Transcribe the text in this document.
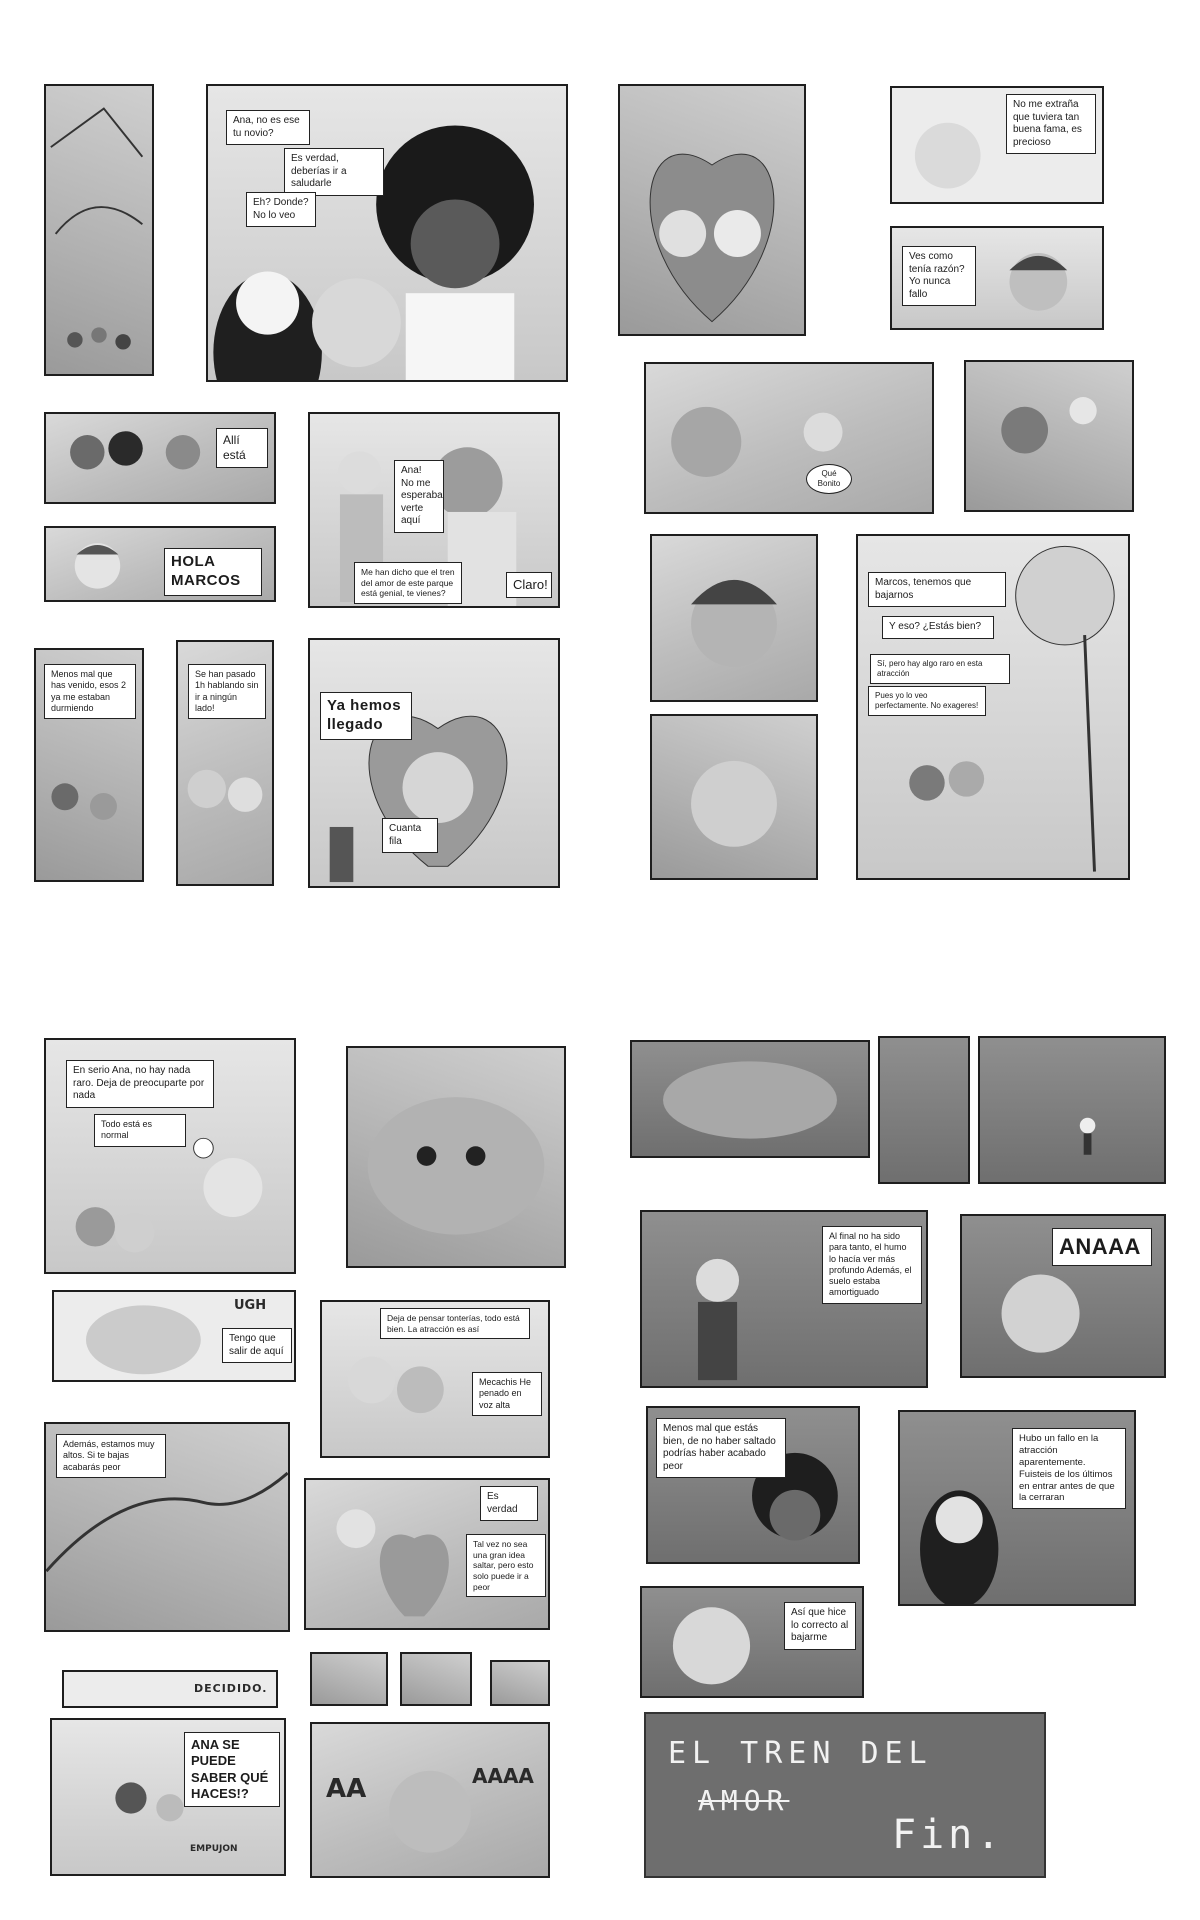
Ana, no es ese tu novio?
Es verdad, deberías ir a saludarle
Eh? Donde? No lo veo
Allí está
HOLA MARCOS
Ana! No me esperaba verte aquí
Me han dicho que el tren del amor de este parque está genial, te vienes?
Claro!
Menos mal que has venido, esos 2 ya me estaban durmiendo
Se han pasado 1h hablando sin ir a ningún lado!	Ya hemos llegado
Cuanta fila
No me extraña que tuviera tan buena fama, es precioso
Ves como tenía razón? Yo nunca fallo
Qué Bonito
Marcos, tenemos que bajarnos
Y eso? ¿Estás bien?
Sí, pero hay algo raro en esta atracción
Pues yo lo veo perfectamente. No exageres!
En serio Ana, no hay nada raro. Deja de preocuparte por nada
Todo está es normal
UGH
Tengo que salir de aquí
Deja de pensar tonterías, todo está bien. La atracción es así
Mecachis He penado en voz alta
Además, estamos muy altos. Si te bajas acabarás peor
Es verdad
Tal vez no sea una gran idea saltar, pero esto solo puede ir a peor
DECIDIDO.
ANA SE PUEDE SABER QUÉ HACES!?
EMPUJON
AA	AAAA
Al final no ha sido para tanto, el humo lo hacía ver más profundo Además, el suelo estaba amortiguado
ANAAA
Menos mal que estás bien, de no haber saltado podrías haber acabado peor
Hubo un fallo en la atracción aparentemente. Fuisteis de los últimos en entrar antes de que la cerraran
Así que hice lo correcto al bajarme
EL TREN DEL
AMOR
Fin.
